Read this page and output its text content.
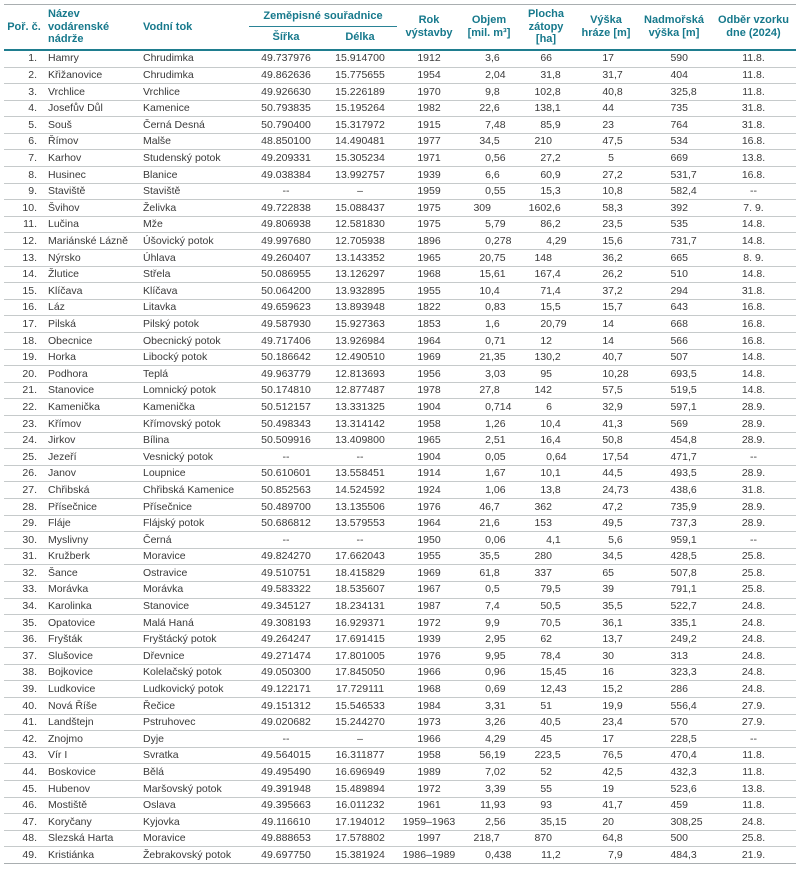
Poř. č.	Název vodárenské nádrže	Vodní tok	Zeměpisné souřadnice		Rok výstavby	Objem [mil. m³]	Plocha zátopy [ha]	Výška hráze [m]	Nadmořská výška [m]	Odběr vzorku dne (2024)
			Šířka	Délka						
1.	Hamry	Chrudimka	49.737976	15.914700	1912	3 ,6	66	17	590	11.8.
2.	Křižanovice	Chrudimka	49.862636	15.775655	1954	2 ,04	31 ,8	31 ,7	404	11.8.
3.	Vrchlice	Vrchlice	49.926630	15.226189	1970	9 ,8	102 ,8	40 ,8	325 ,8	11.8.
4.	Josefův Důl	Kamenice	50.793835	15.195264	1982	22 ,6	138 ,1	44	735	31.8.
5.	Souš	Černá Desná	50.790400	15.317972	1915	7 ,48	85 ,9	23	764	31.8.
6.	Římov	Malše	48.850100	14.490481	1977	34 ,5	210	47 ,5	534	16.8.
7.	Karhov	Studenský potok	49.209331	15.305234	1971	0 ,56	27 ,2	5	669	13.8.
8.	Husinec	Blanice	49.038384	13.992757	1939	6 ,6	60 ,9	27 ,2	531 ,7	16.8.
9.	Staviště	Staviště	--	–	1959	0 ,55	15 ,3	10 ,8	582 ,4	--
10.	Švihov	Želivka	49.722838	15.088437	1975	309	1602 ,6	58 ,3	392	7. 9.
11.	Lučina	Mže	49.806938	12.581830	1975	5 ,79	86 ,2	23 ,5	535	14.8.
12.	Mariánské Lázně	Úšovický potok	49.997680	12.705938	1896	0 ,278	4 ,29	15 ,6	731 ,7	14.8.
13.	Nýrsko	Úhlava	49.260407	13.143352	1965	20 ,75	148	36 ,2	665	8. 9.
14.	Žlutice	Střela	50.086955	13.126297	1968	15 ,61	167 ,4	26 ,2	510	14.8.
15.	Klíčava	Klíčava	50.064200	13.932895	1955	10 ,4	71 ,4	37 ,2	294	31.8.
16.	Láz	Litavka	49.659623	13.893948	1822	0 ,83	15 ,5	15 ,7	643	16.8.
17.	Pilská	Pilský potok	49.587930	15.927363	1853	1 ,6	20 ,79	14	668	16.8.
18.	Obecnice	Obecnický potok	49.717406	13.926984	1964	0 ,71	12	14	566	16.8.
19.	Horka	Libocký potok	50.186642	12.490510	1969	21 ,35	130 ,2	40 ,7	507	14.8.
20.	Podhora	Teplá	49.963779	12.813693	1956	3 ,03	95	10 ,28	693 ,5	14.8.
21.	Stanovice	Lomnický potok	50.174810	12.877487	1978	27 ,8	142	57 ,5	519 ,5	14.8.
22.	Kamenička	Kamenička	50.512157	13.331325	1904	0 ,714	6	32 ,9	597 ,1	28.9.
23.	Křímov	Křímovský potok	50.498343	13.314142	1958	1 ,26	10 ,4	41 ,3	569	28.9.
24.	Jirkov	Bílina	50.509916	13.409800	1965	2 ,51	16 ,4	50 ,8	454 ,8	28.9.
25.	Jezeří	Vesnický potok	--	--	1904	0 ,05	0 ,64	17 ,54	471 ,7	--
26.	Janov	Loupnice	50.610601	13.558451	1914	1 ,67	10 ,1	44 ,5	493 ,5	28.9.
27.	Chřibská	Chřibská Kamenice	50.852563	14.524592	1924	1 ,06	13 ,8	24 ,73	438 ,6	31.8.
28.	Přísečnice	Přísečnice	50.489700	13.135506	1976	46 ,7	362	47 ,2	735 ,9	28.9.
29.	Fláje	Flájský potok	50.686812	13.579553	1964	21 ,6	153	49 ,5	737 ,3	28.9.
30.	Myslivny	Černá	--	--	1950	0 ,06	4 ,1	5 ,6	959 ,1	--
31.	Kružberk	Moravice	49.824270	17.662043	1955	35 ,5	280	34 ,5	428 ,5	25.8.
32.	Šance	Ostravice	49.510751	18.415829	1969	61 ,8	337	65	507 ,8	25.8.
33.	Morávka	Morávka	49.583322	18.535607	1967	0 ,5	79 ,5	39	791 ,1	25.8.
34.	Karolinka	Stanovice	49.345127	18.234131	1987	7 ,4	50 ,5	35 ,5	522 ,7	24.8.
35.	Opatovice	Malá Haná	49.308193	16.929371	1972	9 ,9	70 ,5	36 ,1	335 ,1	24.8.
36.	Fryšták	Fryštácký potok	49.264247	17.691415	1939	2 ,95	62	13 ,7	249 ,2	24.8.
37.	Slušovice	Dřevnice	49.271474	17.801005	1976	9 ,95	78 ,4	30	313	24.8.
38.	Bojkovice	Kolelačský potok	49.050300	17.845050	1966	0 ,96	15 ,45	16	323 ,3	24.8.
39.	Ludkovice	Ludkovický potok	49.122171	17.729111	1968	0 ,69	12 ,43	15 ,2	286	24.8.
40.	Nová Říše	Řečice	49.151312	15.546533	1984	3 ,31	51	19 ,9	556 ,4	27.9.
41.	Landštejn	Pstruhovec	49.020682	15.244270	1973	3 ,26	40 ,5	23 ,4	570	27.9.
42.	Znojmo	Dyje	--	–	1966	4 ,29	45	17	228 ,5	--
43.	Vír I	Svratka	49.564015	16.311877	1958	56 ,19	223 ,5	76 ,5	470 ,4	11.8.
44.	Boskovice	Bělá	49.495490	16.696949	1989	7 ,02	52	42 ,5	432 ,3	11.8.
45.	Hubenov	Maršovský potok	49.391948	15.489894	1972	3 ,39	55	19	523 ,6	13.8.
46.	Mostiště	Oslava	49.395663	16.011232	1961	11 ,93	93	41 ,7	459	11.8.
47.	Koryčany	Kyjovka	49.116610	17.194012	1959–1963	2 ,56	35 ,15	20	308 ,25	24.8.
48.	Slezská Harta	Moravice	49.888653	17.578802	1997	218 ,7	870	64 ,8	500	25.8.
49.	Kristiánka	Žebrakovský potok	49.697750	15.381924	1986–1989	0 ,438	11 ,2	7 ,9	484 ,3	21.9.
